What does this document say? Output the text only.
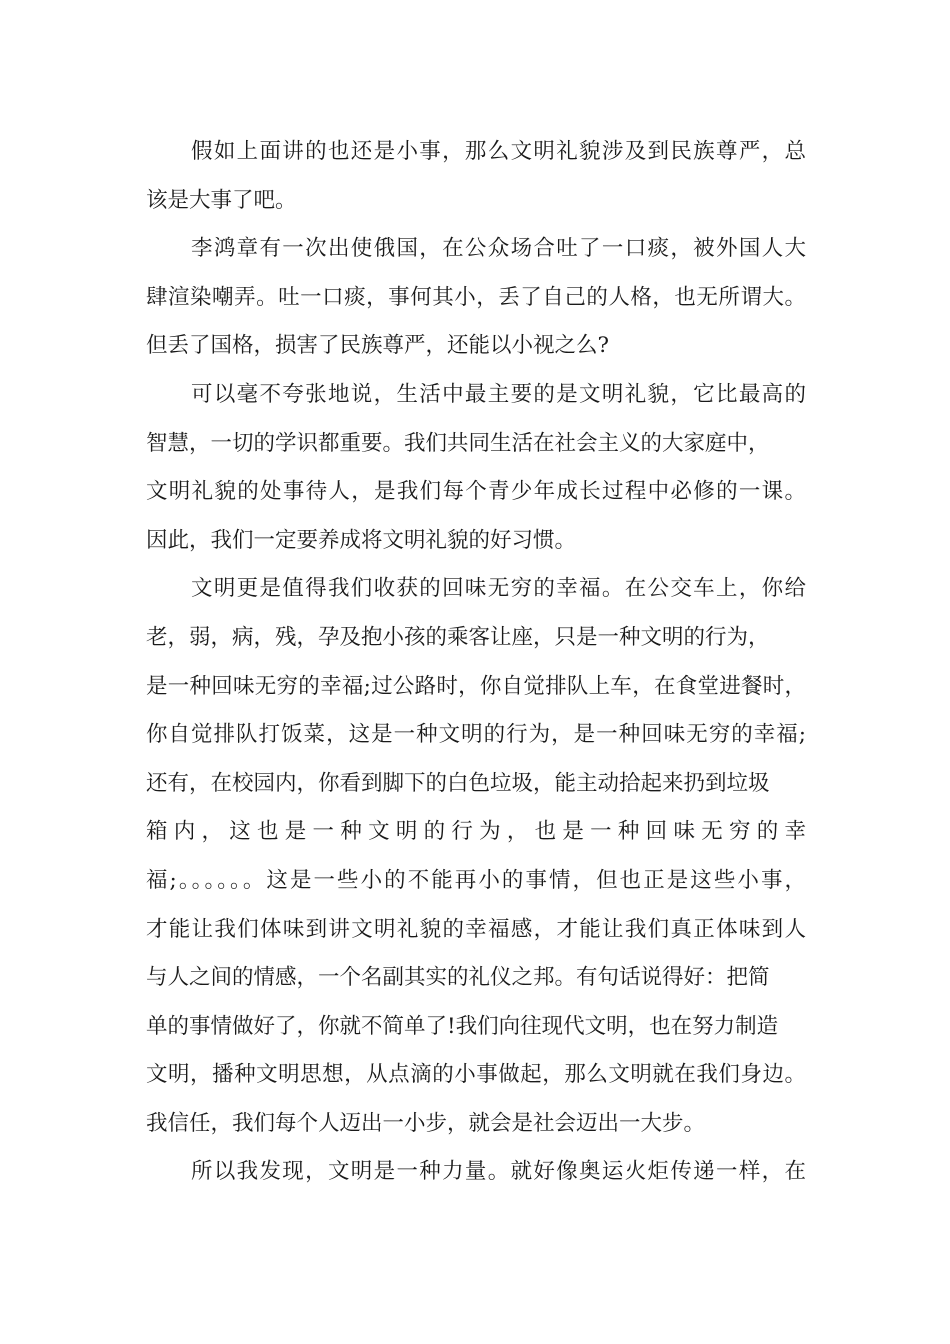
假如上面讲的也还是小事，那么文明礼貌涉及到民族尊严，总
该是大事了吧。
李鸿章有一次出使俄国，在公众场合吐了一口痰，被外国人大
肆渲染嘲弄。吐一口痰，事何其小，丢了自己的人格，也无所谓大。
但丢了国格，损害了民族尊严，还能以小视之么?
可以毫不夸张地说，生活中最主要的是文明礼貌，它比最高的
智慧，一切的学识都重要。我们共同生活在社会主义的大家庭中，
文明礼貌的处事待人，是我们每个青少年成长过程中必修的一课。
因此，我们一定要养成将文明礼貌的好习惯。
文明更是值得我们收获的回味无穷的幸福。在公交车上，你给
老，弱，病，残，孕及抱小孩的乘客让座，只是一种文明的行为，
是一种回味无穷的幸福;过公路时，你自觉排队上车，在食堂进餐时，
你自觉排队打饭菜，这是一种文明的行为，是一种回味无穷的幸福;
还有，在校园内，你看到脚下的白色垃圾，能主动拾起来扔到垃圾
箱内，这也是一种文明的行为，也是一种回味无穷的幸
福;。。。。。。这是一些小的不能再小的事情，但也正是这些小事，
才能让我们体味到讲文明礼貌的幸福感，才能让我们真正体味到人
与人之间的情感，一个名副其实的礼仪之邦。有句话说得好：把简
单的事情做好了，你就不简单了!我们向往现代文明，也在努力制造
文明，播种文明思想，从点滴的小事做起，那么文明就在我们身边。
我信任，我们每个人迈出一小步，就会是社会迈出一大步。
所以我发现，文明是一种力量。就好像奥运火炬传递一样，在
